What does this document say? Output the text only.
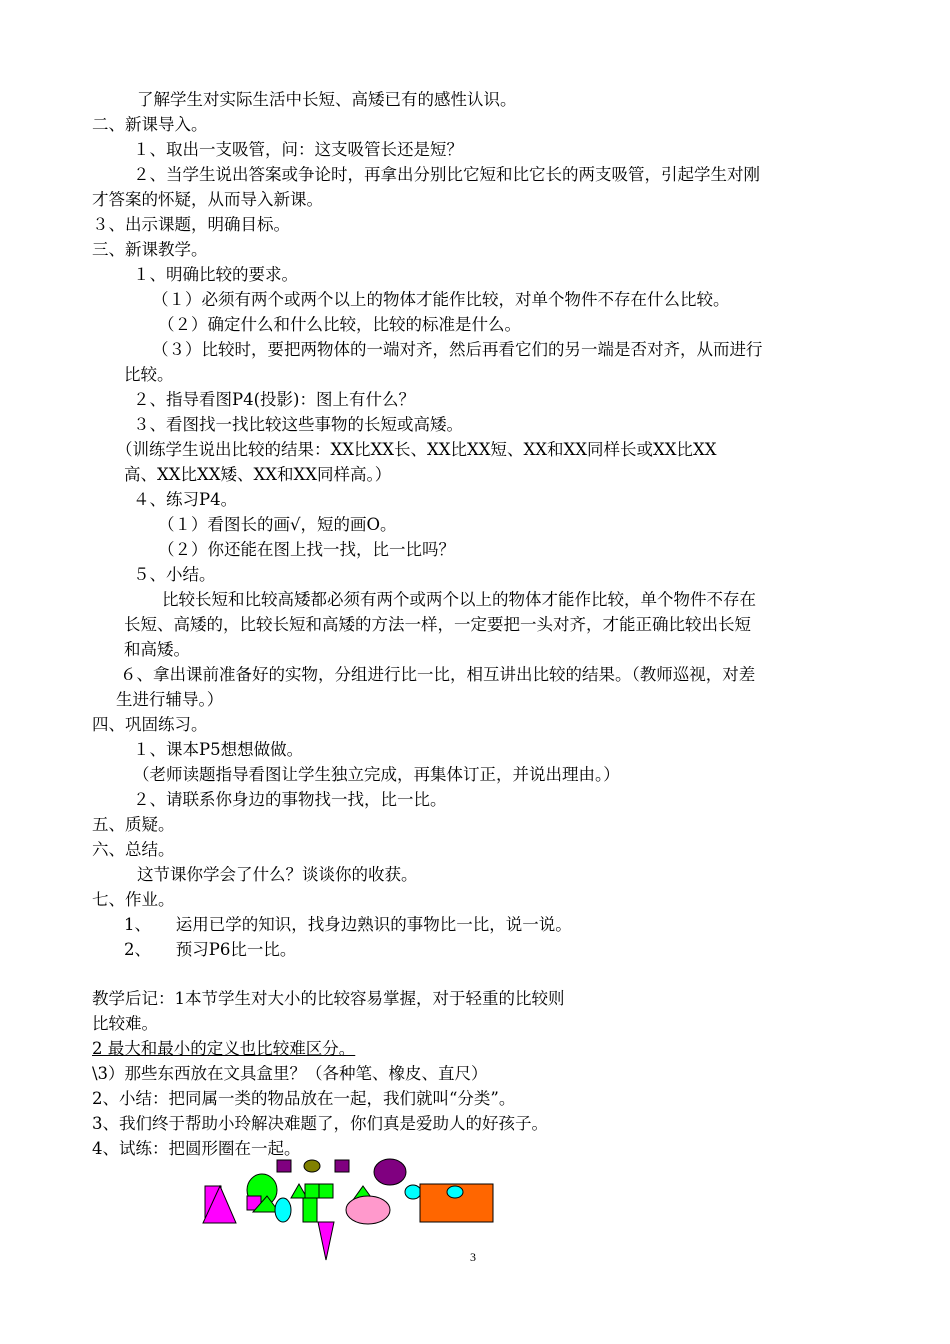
了解学生对实际生活中长短、高矮已有的感性认识。

二、新课导入。

１、取出一支吸管，问：这支吸管长还是短？

２、当学生说出答案或争论时，再拿出分别比它短和比它长的两支吸管，引起学生对刚

才答案的怀疑，从而导入新课。

３、出示课题，明确目标。

三、新课教学。

１、明确比较的要求。

（１）必须有两个或两个以上的物体才能作比较，对单个物件不存在什么比较。

（２）确定什么和什么比较，比较的标准是什么。

（３）比较时，要把两物体的一端对齐，然后再看它们的另一端是否对齐，从而进行

比较。

２、指导看图P4(投影)：图上有什么？

３、看图找一找比较这些事物的长短或高矮。

（训练学生说出比较的结果：XX比XX长、XX比XX短、XX和XX同样长或XX比XX

高、XX比XX矮、XX和XX同样高。）

４、练习P4。

（１）看图长的画√，短的画O。

（２）你还能在图上找一找，比一比吗？

５、小结。

比较长短和比较高矮都必须有两个或两个以上的物体才能作比较，单个物件不存在

长短、高矮的，比较长短和高矮的方法一样，一定要把一头对齐，才能正确比较出长短

和高矮。

６、拿出课前准备好的实物，分组进行比一比，相互讲出比较的结果。（教师巡视，对差

生进行辅导。）

四、巩固练习。

１、课本P5想想做做。

（老师读题指导看图让学生独立完成，再集体订正，并说出理由。）

２、请联系你身边的事物找一找，比一比。

五、质疑。

六、总结。

这节课你学会了什么？谈谈你的收获。

七、作业。

1、　　运用已学的知识，找身边熟识的事物比一比，说一说。

2、　　预习P6比一比。

教学后记：1本节学生对大小的比较容易掌握，对于轻重的比较则

比较难。

2 最大和最小的定义也比较难区分。

\3）那些东西放在文具盒里？（各种笔、橡皮、直尺）

2、小结：把同属一类的物品放在一起，我们就叫“分类”。

3、我们终于帮助小玲解决难题了，你们真是爱助人的好孩子。

4、试练：把圆形圈在一起。

3
